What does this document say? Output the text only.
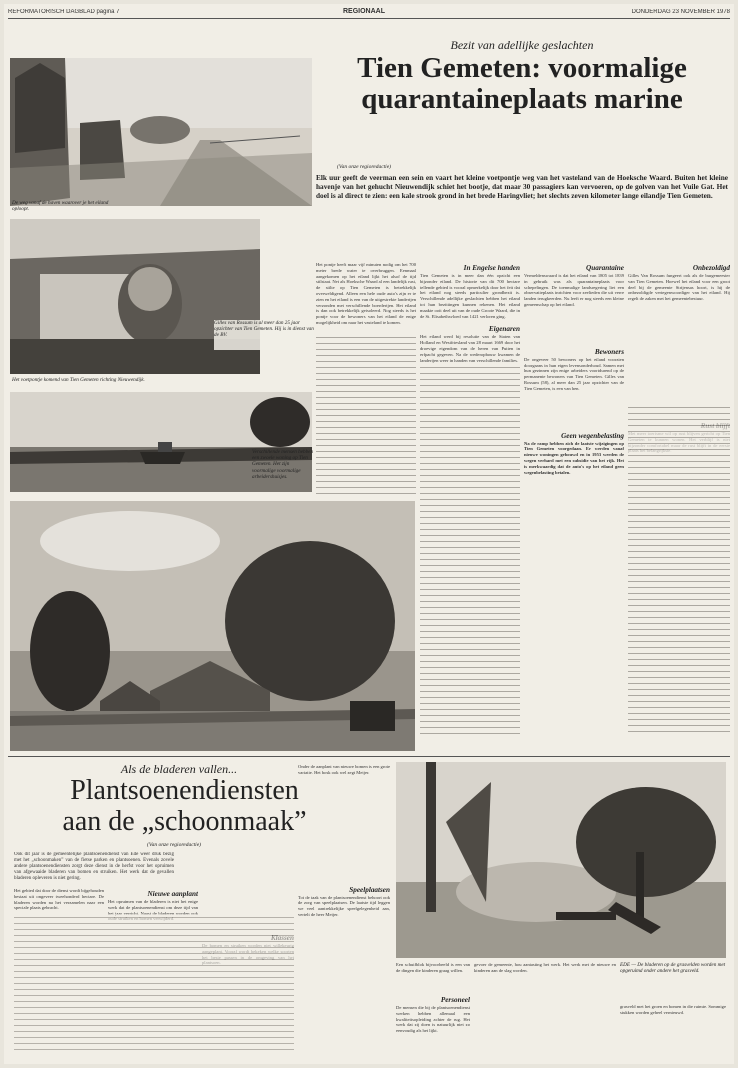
REFORMATORISCH DAGBLAD pagina 7	REGIONAAL	DONDERDAG 23 NOVEMBER 1978
De weg vanaf de haven waarover je het eiland oploopt.
Gilles van Rossum is al meer dan 25 jaar opzichter van Tien Gemeten. Hij is in dienst van de BV.
Het voetpontje komend van Tien Gemeten richting Nieuwendijk.
Verschillende mensen hebben een zwoele woning op Tien Gemeten. Het zijn voormalige voormalige arbeidershuisjes.
Bezit van adellijke geslachten
Tien Gemeten: voormalige
quarantaineplaats marine
(Van onze regioredactie)
Elk uur geeft de veerman een sein en vaart het kleine voetpontje weg van het vasteland van de Hoeksche Waard. Buiten het kleine havenje van het gehucht Nieuwendijk schiet het bootje, dat maar 30 passagiers kan vervoeren, op de golven van het Vuile Gat. Het doel is al direct te zien: een kale strook grond in het brede Haringvliet; het slechts zeven kilometer lange eilandje Tien Gemeten.
Het pontje heeft maar vijf minuten nodig om het 700 meter brede water te overbruggen. Eenmaal aangekomen op het eiland lijkt het alsof de tijd stilstaat. Net als Hoeksche Waard al een landelijk rust, de stilte op Tien Gemeten is betrekkelijk overweldigend. Alleen een hele oude auto's zijn er te zien en het eiland is een van de uitgestrekte landerijen verzonden met verschillende boerderijen. Het eiland is dan ook betrekkelijk geisoleerd. Nog steeds is het pontje voor de bewoners van het eiland de enige mogelijkheid om naar het vasteland te komen.
In Engelse handen
Tien Gemeten is in meer dan één opzicht een bijzonder eiland. De historie van dit 700 hectare tellende gebied is vooral opmerkelijk door het feit dat het eiland nog steeds particulier grondbezit is. Verschillende adellijke geslachten hebben het eiland tot hun bezittingen kunnen rekenen. Het eiland maakte ooit deel uit van de oude Groote Waard, die in de St. Elisabethsvloed van 1421 verloren ging.
Eigenaren
Het eiland werd bij resolutie van de Staten van Holland en Westfriesland van 28 maart 1669 door het droevige eigendom van de heren van Putten in erfpacht gegeven. Na de wederopbouw kwamen de landerijen weer in handen van verschillende families.
Quarantaine
Vermeldenswaard is dat het eiland van 1805 tot 1839 in gebruik was als quarantaineplaats voor schepelingen. De toenmalige landsregering liet een observatieplaats inrichten voor zeelieden die uit verre landen terugkeerden. Nu leeft er nog steeds een kleine gemeenschap op het eiland.
Bewoners
De ongeveer 50 bewoners op het eiland voorzien doorgaans in hun eigen levensonderhoud. Samen met hun gezinnen zijn enige arbeiders voortdurend op de permanente bewoners van Tien Gemeten. Gilles van Rossum (58), al meer dan 25 jaar opzichter van de Tien Gemeten, is een van hen.
Geen wegenbelasting
Na de ramp hebben zich de laatste wijzigingen op Tien Gemeten voorgedaan. Er werden vanaf nieuwe woningen gebouwd en in 1953 werden de wegen verhard met een subsidie van het rijk. Het is merkwaardig dat de auto's op het eiland geen wegenbelasting betalen.
Onbezoldigd
Gilles Van Rossum fungeert ook als de burgemeester van Tien Gemeten. Hoewel het eiland voor een groot deel bij de gemeente Strijensas hoort, is hij de onbezoldigde vertegenwoordiger van het eiland. Hij regelt de zaken met het gemeentebestuur.
Als de bladeren vallen...
Plantsoenendiensten
aan de „schoonmaak”
(Van onze regioredactie)
Ook dit jaar is de gemeentelijke plantsoenendienst van Ede weer druk bezig met het „schoonmaken” van de fietse parken en plantsoenen. Evenals zovele andere plantsoenendiensten zorgt deze dienst in de herfst voor het opruimen van afgewaaide bladeren van bomen en struiken. Het werk dat de gevallen bladeren opleveren is niet gering.
Het gebied dat door de dienst wordt bijgehouden bestaat uit ongeveer tweehonderd hectare. De bladeren worden na het verzamelen naar een speciale plaats gebracht.
Nieuwe aanplant
Het opruimen van de bladeren is niet het enige werk dat de plantsoenendienst om deze tijd van
Onder de aanplant van nieuwe bomen is een grote variatie. Het bosk ook wel zegt Meijer.
Speelplaatsen
Tot de taak van de plantsoenendienst behoort ook de zorg van speelplaatsen. De laatste tijd leggen we veel aantrekkelijke speelgelegenheid aan, vertelt de heer Meijer.
EDE — De bladeren op de grasvelden worden met opgeruimd onder andere het grasveld.
Een schuifblok bijvoorbeeld is een van de dingen die kinderen graag willen.
Personeel
De mensen die bij de plantsoenendienst werken hebben allemaal een kwaliteitsopleiding achter de rug. Het werk dat zij doen is natuurlijk niet zo eenvoudig als het lijkt.
gevoer de gemeente, hou aantasting het werk. Het werk met de nieuwe en kinderen aan de slag worden.
grasveld met het groen en bomen in die ruimte. Sommige stukken worden geheel vernieuwd.
